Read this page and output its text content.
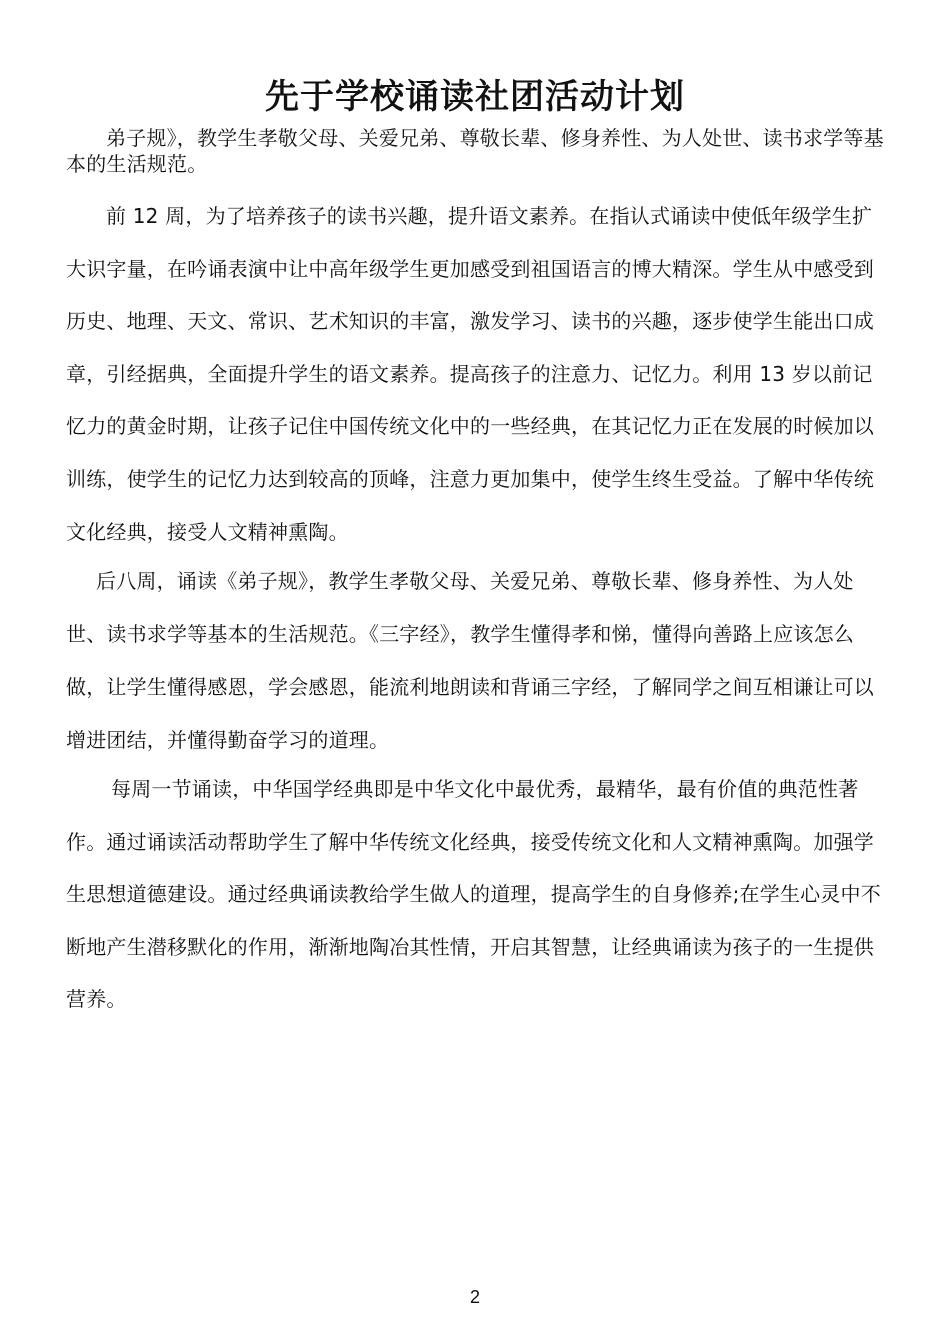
先于学校诵读社团活动计划

弟子规》，教学生孝敬父母、关爱兄弟、尊敬长辈、修身养性、为人处世、读书求学等基本的生活规范。

前 12 周，为了培养孩子的读书兴趣，提升语文素养。在指认式诵读中使低年级学生扩大识字量，在吟诵表演中让中高年级学生更加感受到祖国语言的博大精深。学生从中感受到历史、地理、天文、常识、艺术知识的丰富，激发学习、读书的兴趣，逐步使学生能出口成章，引经据典，全面提升学生的语文素养。提高孩子的注意力、记忆力。利用 13 岁以前记忆力的黄金时期，让孩子记住中国传统文化中的一些经典，在其记忆力正在发展的时候加以训练，使学生的记忆力达到较高的顶峰，注意力更加集中，使学生终生受益。了解中华传统文化经典，接受人文精神熏陶。

后八周，诵读《弟子规》，教学生孝敬父母、关爱兄弟、尊敬长辈、修身养性、为人处世、读书求学等基本的生活规范。《三字经》，教学生懂得孝和悌，懂得向善路上应该怎么做，让学生懂得感恩，学会感恩，能流利地朗读和背诵三字经，了解同学之间互相谦让可以增进团结，并懂得勤奋学习的道理。

每周一节诵读，中华国学经典即是中华文化中最优秀，最精华，最有价值的典范性著作。通过诵读活动帮助学生了解中华传统文化经典，接受传统文化和人文精神熏陶。加强学生思想道德建设。通过经典诵读教给学生做人的道理，提高学生的自身修养;在学生心灵中不断地产生潜移默化的作用，渐渐地陶冶其性情，开启其智慧，让经典诵读为孩子的一生提供营养。

2
